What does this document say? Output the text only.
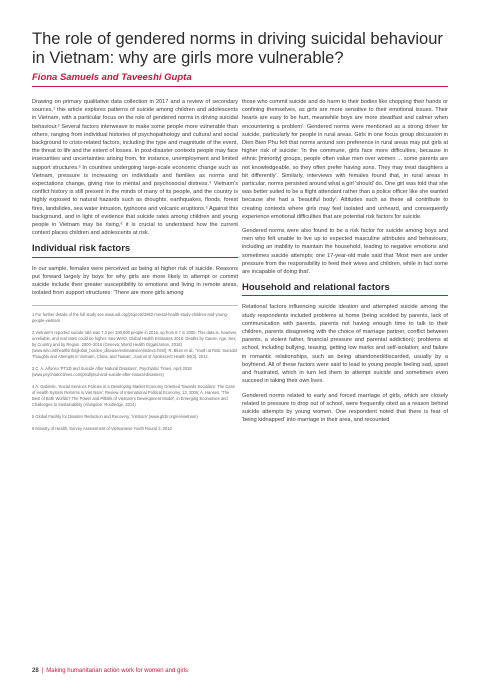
The role of gendered norms in driving suicidal behaviour in Vietnam: why are girls more vulnerable?
Fiona Samuels and Taveeshi Gupta

Drawing on primary qualitative data collection in 2017 and a review of secondary sources,¹ this article explores patterns of suicide among children and adolescents in Vietnam, with a particular focus on the role of gendered norms in driving suicidal behaviour.² Several factors interweave to make some people more vulnerable than others, ranging from individual histories of psychopathology and cultural and social background to crisis-related factors, including the type and magnitude of the event, the threat to life and the extent of losses. In post-disaster contexts people may face insecurities and uncertainties arising from, for instance, unemployment and limited support structures.³ In countries undergoing large-scale economic change such as Vietnam, pressure is increasing on individuals and families as norms and expectations change, giving rise to mental and psychosocial distress.⁴ Vietnam's conflict history is still present in the minds of many of its people, and the country is highly exposed to natural hazards such as droughts, earthquakes, floods, forest fires, landslides, sea water intrusion, typhoons and volcanic eruptions.⁵ Against this background, and in light of evidence that suicide rates among children and young people in Vietnam may be rising,⁶ it is crucial to understand how the current context places children and adolescents at risk.

Individual risk factors

In our sample, females were perceived as being at higher risk of suicide. Reasons put forward largely by boys for why girls are more likely to attempt or commit suicide include their greater susceptibility to emotions and living in remote areas, isolated from support structures: 'There are more girls among

1 For further details of the full study see www.odi.org/projects/2852-mental-health-study-children-and-young-people-vietnam
2 Vietnam's reported suicide rate was 7.3 per 100,000 people in 2016, up from 6.7 in 2000. This data is, however, unreliable, and real rates could be higher. See WHO, Global Health Estimates 2016: Deaths by Cause, Age, Sex, by Country and by Region, 2000–2016 (Geneva: World Health Organization, 2018) (www.who.int/healthinfo/global_burden_disease/estimates/en/index1.html); R. Blum et al., 'Youth at Risk: Suicidal Thoughts and Attempts in Vietnam, China, and Taiwan', Journal of Adolescent Health 50(3), 2012.
3 C. A. Alfonso 'PTSD and Suicide After Natural Disasters', Psychiatric Times, April 2018 (www.psychiatrictimes.com/ptsd/ptsd-and-suicide-after-natural-disasters)
4 A. Gabriele, 'Social Services Policies in a Developing Market Economy Oriented Towards Socialism: The Case of Health System Reforms in Viet Nam', Review of International Political Economy, 13, 2006; A. Hansen, 'The Best of Both Worlds? The Power and Pitfalls of Vietnam's Development Model', in Emerging Economies and Challenges to Sustainability (Abingdon: Routledge, 2014)
5 Global Facility for Disaster Reduction and Recovery, 'Vietnam' (www.gfdrr.org/en/vietnam)
6 Ministry of Health, Survey Assessment of Vietnamese Youth Round 2, 2010

those who commit suicide and do harm to their bodies like chopping their hands or confining themselves, as girls are more sensitive to their emotional issues. Their hearts are easy to be hurt, meanwhile boys are more steadfast and calmer when encountering a problem'. Gendered norms were mentioned as a strong driver for suicide, particularly for people in rural areas. Girls in one focus group discussion in Dien Bien Phu felt that norms around son preference in rural areas may put girls at higher risk of suicide: 'In the commune, girls face more difficulties, because in ethnic [minority] groups, people often value men over women ... some parents are not knowledgeable, so they often prefer having sons. They may treat daughters a bit differently'. Similarly, interviews with females found that, in rural areas in particular, norms persisted around what a girl 'should' do. One girl was told that she was better suited to be a flight attendant rather than a police officer like she wanted because she had a 'beautiful body'. Attitudes such as these all contribute to creating contexts where girls may feel isolated and unheard, and consequently experience emotional difficulties that are potential risk factors for suicide.

Gendered norms were also found to be a risk factor for suicide among boys and men who felt unable to live up to expected masculine attributes and behaviours, including an inability to maintain the household, leading to negative emotions and sometimes suicide attempts; one 17-year-old male said that 'Most men are under pressure from the responsibility to feed their wives and children, while in fact some are incapable of doing that'.

Household and relational factors

Relational factors influencing suicide ideation and attempted suicide among the study respondents included problems at home (being scolded by parents, lack of communication with parents, parents not having enough time to talk to their children, parents disagreeing with the choice of marriage partner, conflict between parents, a violent father, financial pressure and parental addiction); problems at school, including bullying, teasing, getting low marks and self-isolation; and failure in romantic relationships, such as being abandoned/discarded, usually by a boyfriend. All of these factors were said to lead to young people feeling sad, upset and frustrated, which in turn led them to attempt suicide and sometimes even succeed in taking their own lives.

Gendered norms related to early and forced marriage of girls, which are closely related to pressure to drop out of school, were frequently cited as a reason behind suicide attempts by young women. One respondent noted that there is fear of 'being kidnapped' into marriage in their area, and recounted

28 | Making humanitarian action work for women and girls
